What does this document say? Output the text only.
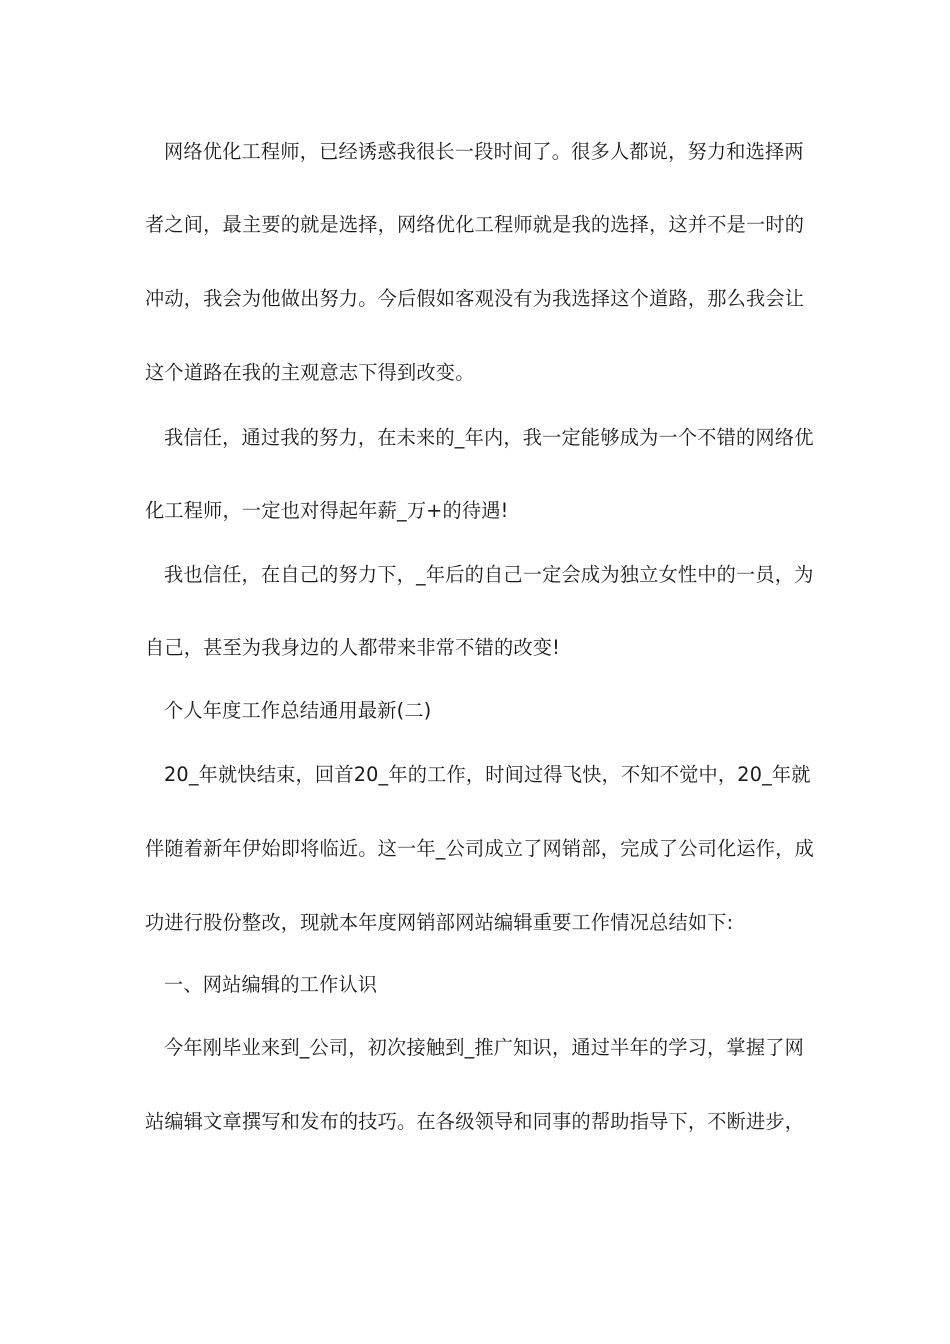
网络优化工程师，已经诱惑我很长一段时间了。很多人都说，努力和选择两
者之间，最主要的就是选择，网络优化工程师就是我的选择，这并不是一时的
冲动，我会为他做出努力。今后假如客观没有为我选择这个道路，那么我会让
这个道路在我的主观意志下得到改变。
我信任，通过我的努力，在未来的_年内，我一定能够成为一个不错的网络优
化工程师，一定也对得起年薪_万+的待遇!
我也信任，在自己的努力下，_年后的自己一定会成为独立女性中的一员，为
自己，甚至为我身边的人都带来非常不错的改变!
个人年度工作总结通用最新(二)
20_年就快结束，回首20_年的工作，时间过得飞快，不知不觉中，20_年就
伴随着新年伊始即将临近。这一年_公司成立了网销部，完成了公司化运作，成
功进行股份整改，现就本年度网销部网站编辑重要工作情况总结如下:
一、网站编辑的工作认识
今年刚毕业来到_公司，初次接触到_推广知识，通过半年的学习，掌握了网
站编辑文章撰写和发布的技巧。在各级领导和同事的帮助指导下，不断进步，
